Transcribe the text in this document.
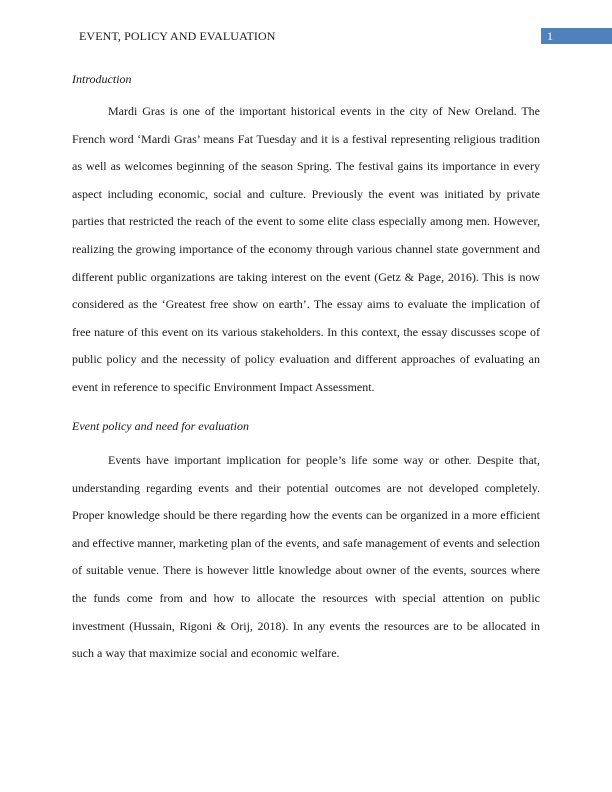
EVENT, POLICY AND EVALUATION	1
Introduction

Mardi Gras is one of the important historical events in the city of New Oreland. The French word ‘Mardi Gras’ means Fat Tuesday and it is a festival representing religious tradition as well as welcomes beginning of the season Spring. The festival gains its importance in every aspect including economic, social and culture. Previously the event was initiated by private parties that restricted the reach of the event to some elite class especially among men. However, realizing the growing importance of the economy through various channel state government and different public organizations are taking interest on the event (Getz & Page, 2016). This is now considered as the ‘Greatest free show on earth’. The essay aims to evaluate the implication of free nature of this event on its various stakeholders. In this context, the essay discusses scope of public policy and the necessity of policy evaluation and different approaches of evaluating an event in reference to specific Environment Impact Assessment.

Event policy and need for evaluation

Events have important implication for people’s life some way or other. Despite that, understanding regarding events and their potential outcomes are not developed completely. Proper knowledge should be there regarding how the events can be organized in a more efficient and effective manner, marketing plan of the events, and safe management of events and selection of suitable venue. There is however little knowledge about owner of the events, sources where the funds come from and how to allocate the resources with special attention on public investment (Hussain, Rigoni & Orij, 2018). In any events the resources are to be allocated in such a way that maximize social and economic welfare.
